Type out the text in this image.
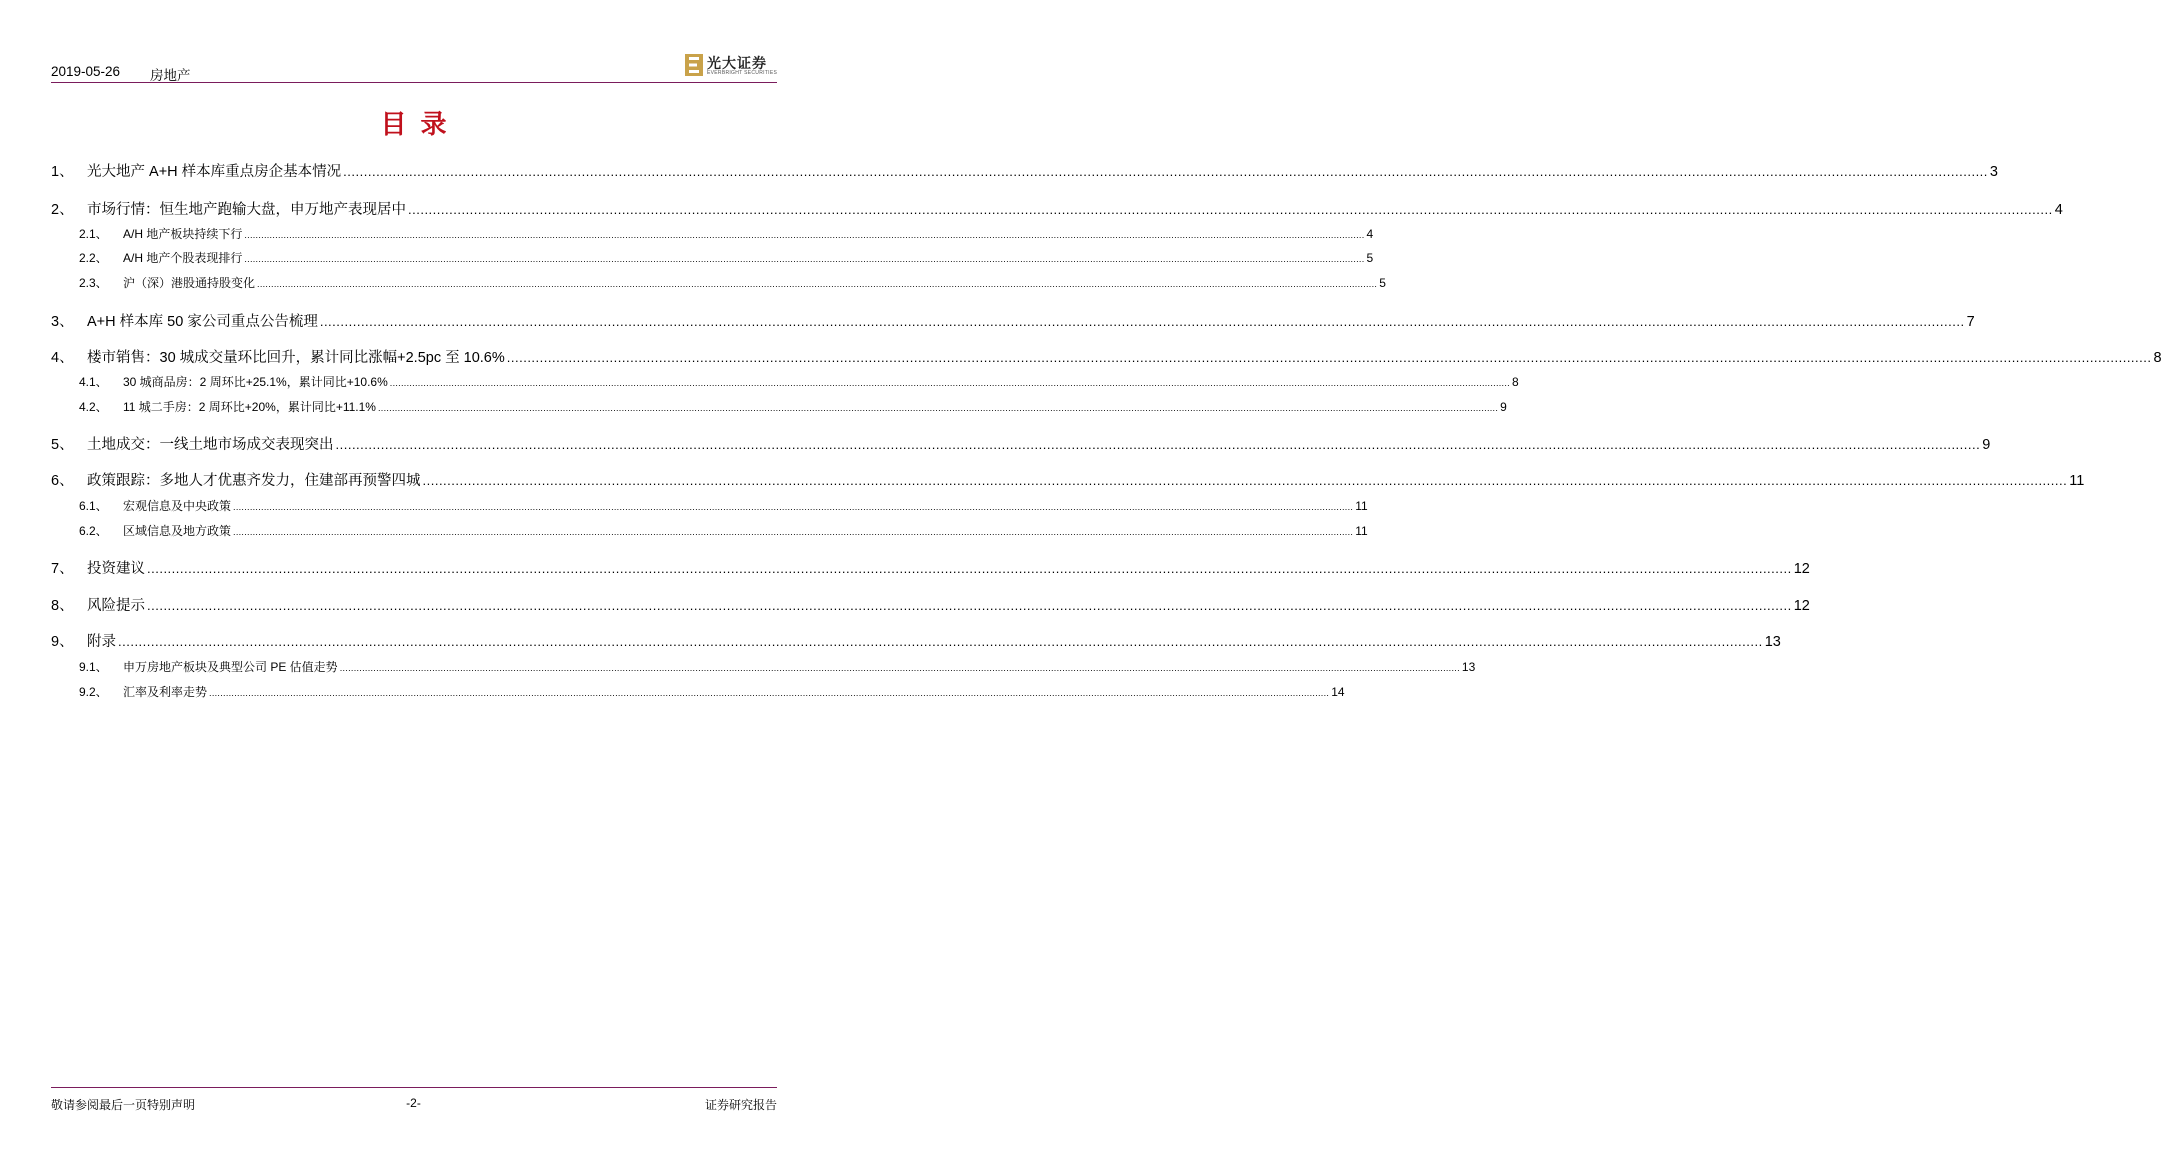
2019-05-26 房地产
光大证券
EVERBRIGHT SECURITIES
目录
1、 光大地产 A+H 样本库重点房企基本情况 ................................................................................................................................................................................................................................................................................................................................................................................................................ 3
2、 市场行情：恒生地产跑输大盘，申万地产表现居中 ................................................................................................................................................................................................................................................................................................................................................................................................................ 4
2.1、	A/H 地产板块持续下行 ................................................................................................................................................................................................................................................................................................................................................................................................................ 4
2.2、	A/H 地产个股表现排行 ................................................................................................................................................................................................................................................................................................................................................................................................................ 5
2.3、	沪（深）港股通持股变化 ................................................................................................................................................................................................................................................................................................................................................................................................................ 5
3、 A+H 样本库 50 家公司重点公告梳理 ................................................................................................................................................................................................................................................................................................................................................................................................................ 7
4、 楼市销售：30 城成交量环比回升，累计同比涨幅+2.5pc 至 10.6% ................................................................................................................................................................................................................................................................................................................................................................................................................ 8
4.1、	30 城商品房：2 周环比+25.1%，累计同比+10.6% ................................................................................................................................................................................................................................................................................................................................................................................................................ 8
4.2、	11 城二手房：2 周环比+20%，累计同比+11.1% ................................................................................................................................................................................................................................................................................................................................................................................................................ 9
5、 土地成交：一线土地市场成交表现突出 ................................................................................................................................................................................................................................................................................................................................................................................................................ 9
6、 政策跟踪：多地人才优惠齐发力，住建部再预警四城 ................................................................................................................................................................................................................................................................................................................................................................................................................ 11
6.1、	宏观信息及中央政策 ................................................................................................................................................................................................................................................................................................................................................................................................................ 11
6.2、	区域信息及地方政策 ................................................................................................................................................................................................................................................................................................................................................................................................................ 11
7、 投资建议 ................................................................................................................................................................................................................................................................................................................................................................................................................ 12
8、 风险提示 ................................................................................................................................................................................................................................................................................................................................................................................................................ 12
9、 附录 ................................................................................................................................................................................................................................................................................................................................................................................................................ 13
9.1、	申万房地产板块及典型公司 PE 估值走势 ................................................................................................................................................................................................................................................................................................................................................................................................................ 13
9.2、	汇率及利率走势 ................................................................................................................................................................................................................................................................................................................................................................................................................ 14
敬请参阅最后一页特别声明	-2-	证券研究报告
